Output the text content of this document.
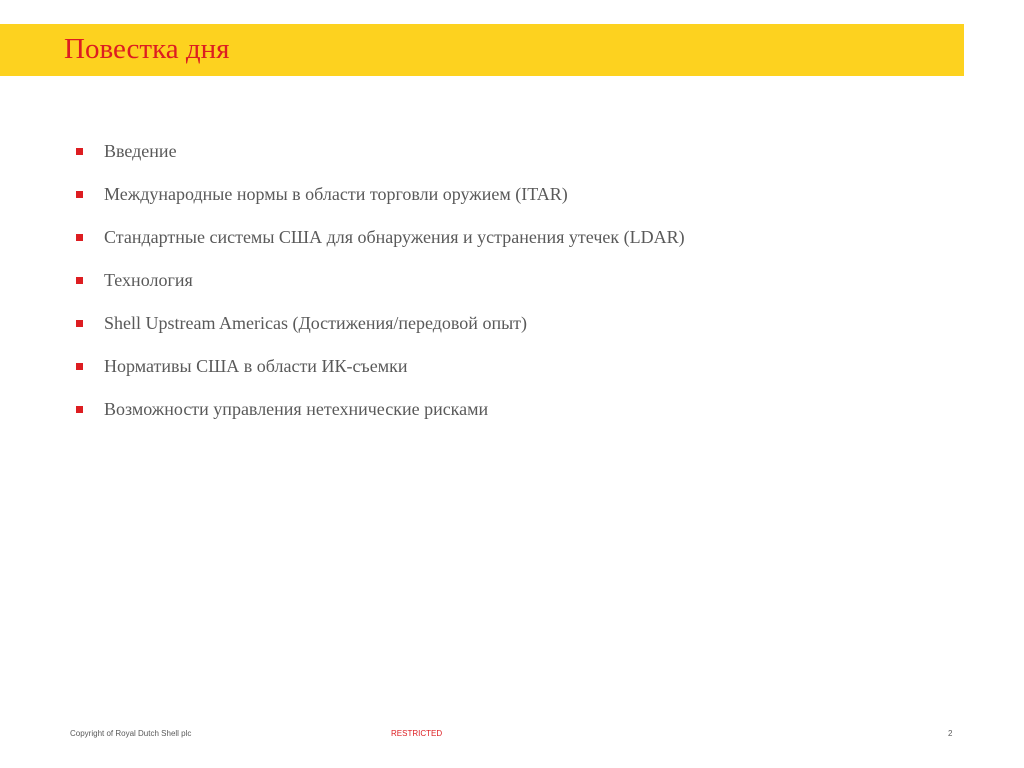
Повестка дня
Введение
Международные нормы в области торговли оружием (ITAR)
Стандартные системы США для обнаружения и устранения утечек (LDAR)
Технология
Shell Upstream Americas (Достижения/передовой опыт)
Нормативы США в области ИК-съемки
Возможности управления нетехнические рисками
Copyright of Royal Dutch Shell plc	RESTRICTED	2
